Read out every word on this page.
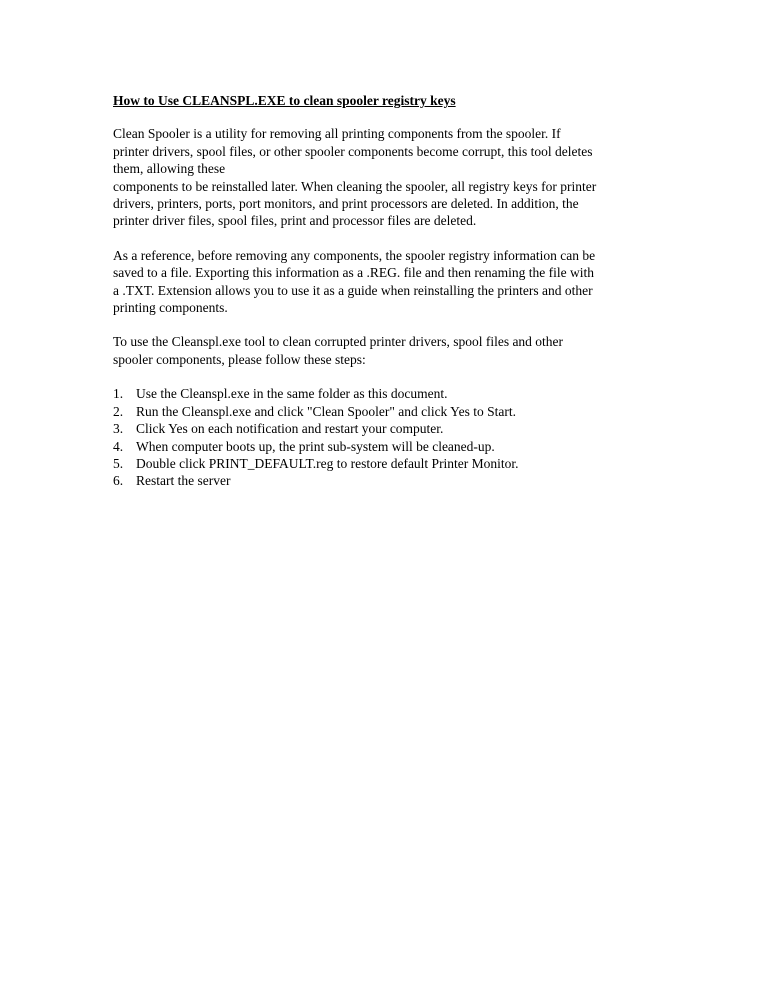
How to Use CLEANSPL.EXE to clean spooler registry keys
Clean Spooler is a utility for removing all printing components from the spooler. If
printer drivers, spool files, or other spooler components become corrupt, this tool deletes
them, allowing these
components to be reinstalled later. When cleaning the spooler, all registry keys for printer
drivers, printers, ports, port monitors, and print processors are deleted. In addition, the
printer driver files, spool files, print and processor files are deleted.
As a reference, before removing any components, the spooler registry information can be
saved to a file. Exporting this information as a .REG. file and then renaming the file with
a .TXT. Extension allows you to use it as a guide when reinstalling the printers and other
printing components.
To use the Cleanspl.exe tool to clean corrupted printer drivers, spool files and other
spooler components, please follow these steps:
1. Use the Cleanspl.exe in the same folder as this document.
2. Run the Cleanspl.exe and click "Clean Spooler" and click Yes to Start.
3. Click Yes on each notification and restart your computer.
4. When computer boots up, the print sub-system will be cleaned-up.
5. Double click PRINT_DEFAULT.reg to restore default Printer Monitor.
6. Restart the server
